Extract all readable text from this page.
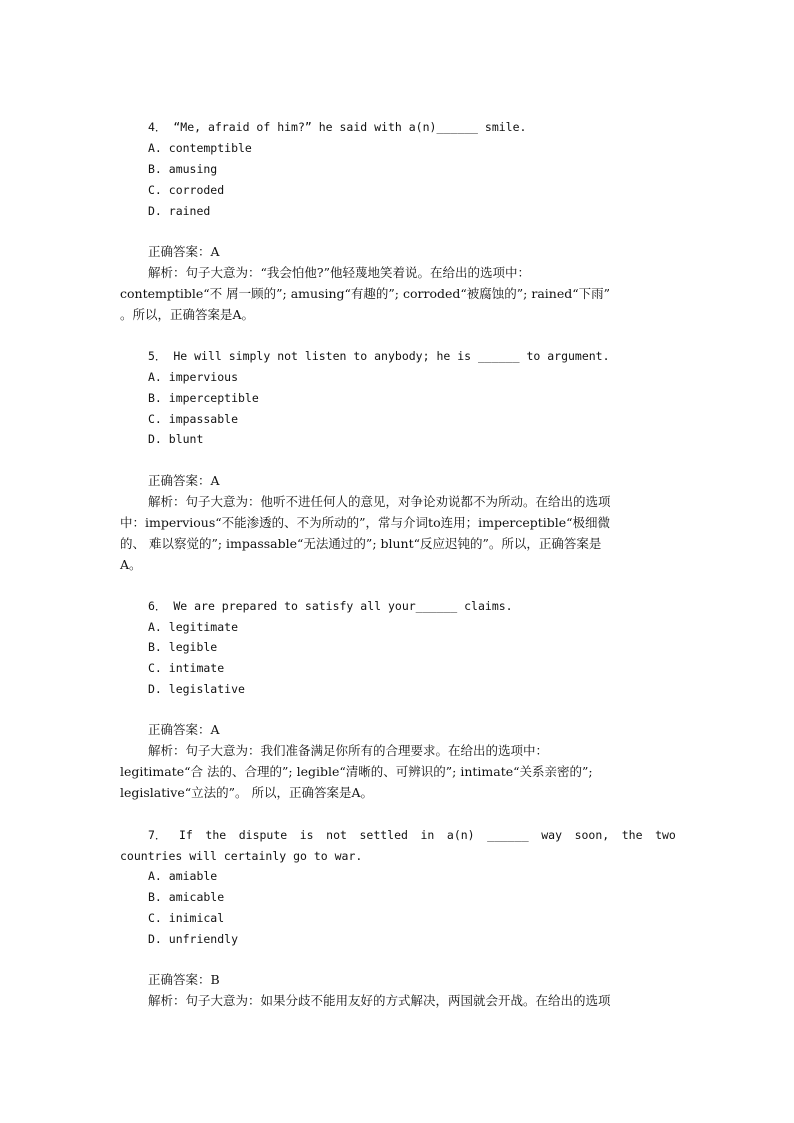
4． “Me, afraid of him?” he said with a(n)______ smile.
A. contemptible
B. amusing
C. corroded
D. rained
正确答案：A
解析：句子大意为：“我会怕他?”他轻蔑地笑着说。在给出的选项中：
contemptible“不 屑一顾的”; amusing“有趣的”; corroded“被腐蚀的”; rained“下雨”
。所以，正确答案是A。
5． He will simply not listen to anybody; he is ______ to argument.
A. impervious
B. imperceptible
C. impassable
D. blunt
正确答案：A
解析：句子大意为：他听不进任何人的意见，对争论劝说都不为所动。在给出的选项
中：impervious“不能渗透的、不为所动的”，常与介词to连用；imperceptible“极细微
的、 难以察觉的”; impassable“无法通过的”; blunt“反应迟钝的”。所以，正确答案是
A。
6． We are prepared to satisfy all your______ claims.
A. legitimate
B. legible
C. intimate
D. legislative
正确答案：A
解析：句子大意为：我们准备满足你所有的合理要求。在给出的选项中：
legitimate“合 法的、合理的”; legible“清晰的、可辨识的”; intimate“关系亲密的”;
legislative“立法的”。 所以，正确答案是A。
7． If the dispute is not settled in a(n) ______ way soon, the two
countries will certainly go to war.
A. amiable
B. amicable
C. inimical
D. unfriendly
正确答案：B
解析：句子大意为：如果分歧不能用友好的方式解决，两国就会开战。在给出的选项
